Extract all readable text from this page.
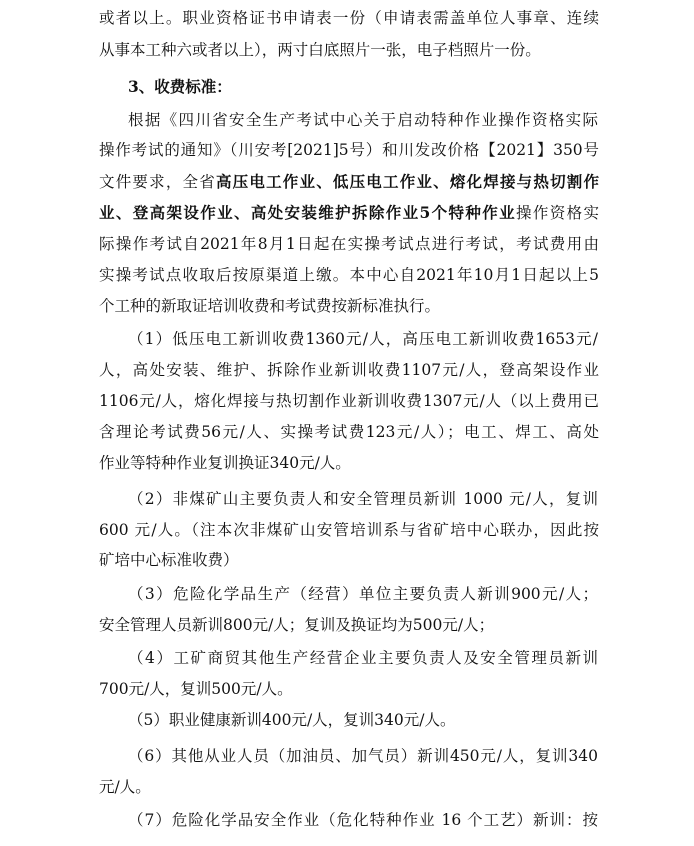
或者以上。职业资格证书申请表一份（申请表需盖单位人事章、连续
从事本工种六或者以上），两寸白底照片一张，电子档照片一份。
3、收费标准：
根据《四川省安全生产考试中心关于启动特种作业操作资格实际
操作考试的通知》（川安考[2021]5号）和川发改价格【2021】350号
文件要求，全省高压电工作业、低压电工作业、熔化焊接与热切割作
业、登高架设作业、高处安装维护拆除作业5个特种作业操作资格实
际操作考试自2021年8月1日起在实操考试点进行考试，考试费用由
实操考试点收取后按原渠道上缴。本中心自2021年10月1日起以上5
个工种的新取证培训收费和考试费按新标准执行。
（1）低压电工新训收费1360元/人，高压电工新训收费1653元/
人，高处安装、维护、拆除作业新训收费1107元/人，登高架设作业
1106元/人，熔化焊接与热切割作业新训收费1307元/人（以上费用已
含理论考试费56元/人、实操考试费123元/人）；电工、焊工、高处
作业等特种作业复训换证340元/人。
（2）非煤矿山主要负责人和安全管理员新训 1000 元/人，复训
600 元/人。（注本次非煤矿山安管培训系与省矿培中心联办，因此按
矿培中心标准收费）
（3）危险化学品生产（经营）单位主要负责人新训900元/人；
安全管理人员新训800元/人；复训及换证均为500元/人；
（4）工矿商贸其他生产经营企业主要负责人及安全管理员新训
700元/人，复训500元/人。
（5）职业健康新训400元/人，复训340元/人。
（6）其他从业人员（加油员、加气员）新训450元/人，复训340
元/人。
（7）危险化学品安全作业（危化特种作业 16 个工艺）新训：按
